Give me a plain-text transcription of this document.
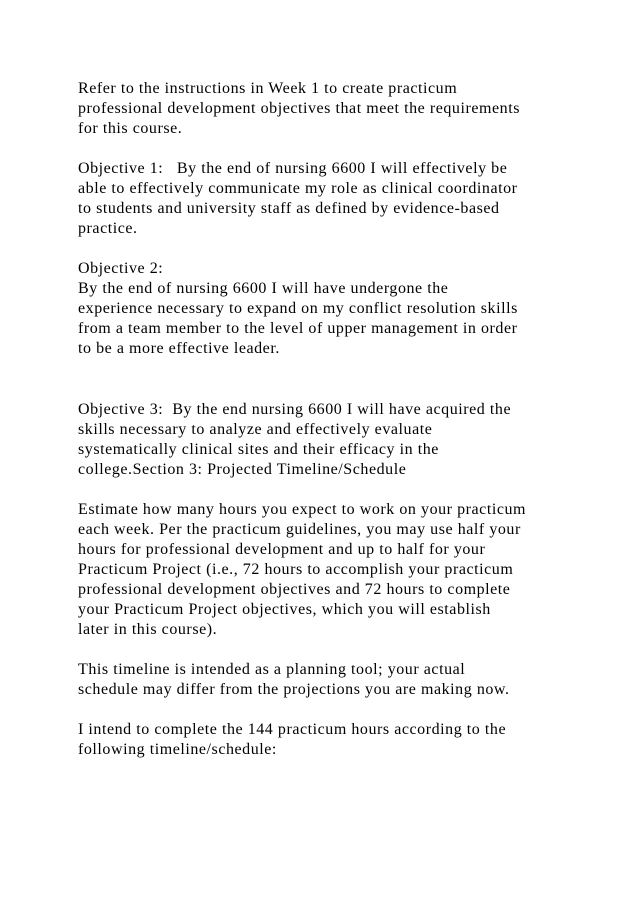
Refer to the instructions in Week 1 to create practicum
professional development objectives that meet the requirements
for this course.
Objective 1:   By the end of nursing 6600 I will effectively be
able to effectively communicate my role as clinical coordinator
to students and university staff as defined by evidence-based
practice.
Objective 2:
By the end of nursing 6600 I will have undergone the
experience necessary to expand on my conflict resolution skills
from a team member to the level of upper management in order
to be a more effective leader.
Objective 3:  By the end nursing 6600 I will have acquired the
skills necessary to analyze and effectively evaluate
systematically clinical sites and their efficacy in the
college.Section 3: Projected Timeline/Schedule
Estimate how many hours you expect to work on your practicum
each week. Per the practicum guidelines, you may use half your
hours for professional development and up to half for your
Practicum Project (i.e., 72 hours to accomplish your practicum
professional development objectives and 72 hours to complete
your Practicum Project objectives, which you will establish
later in this course).
This timeline is intended as a planning tool; your actual
schedule may differ from the projections you are making now.
I intend to complete the 144 practicum hours according to the
following timeline/schedule:
